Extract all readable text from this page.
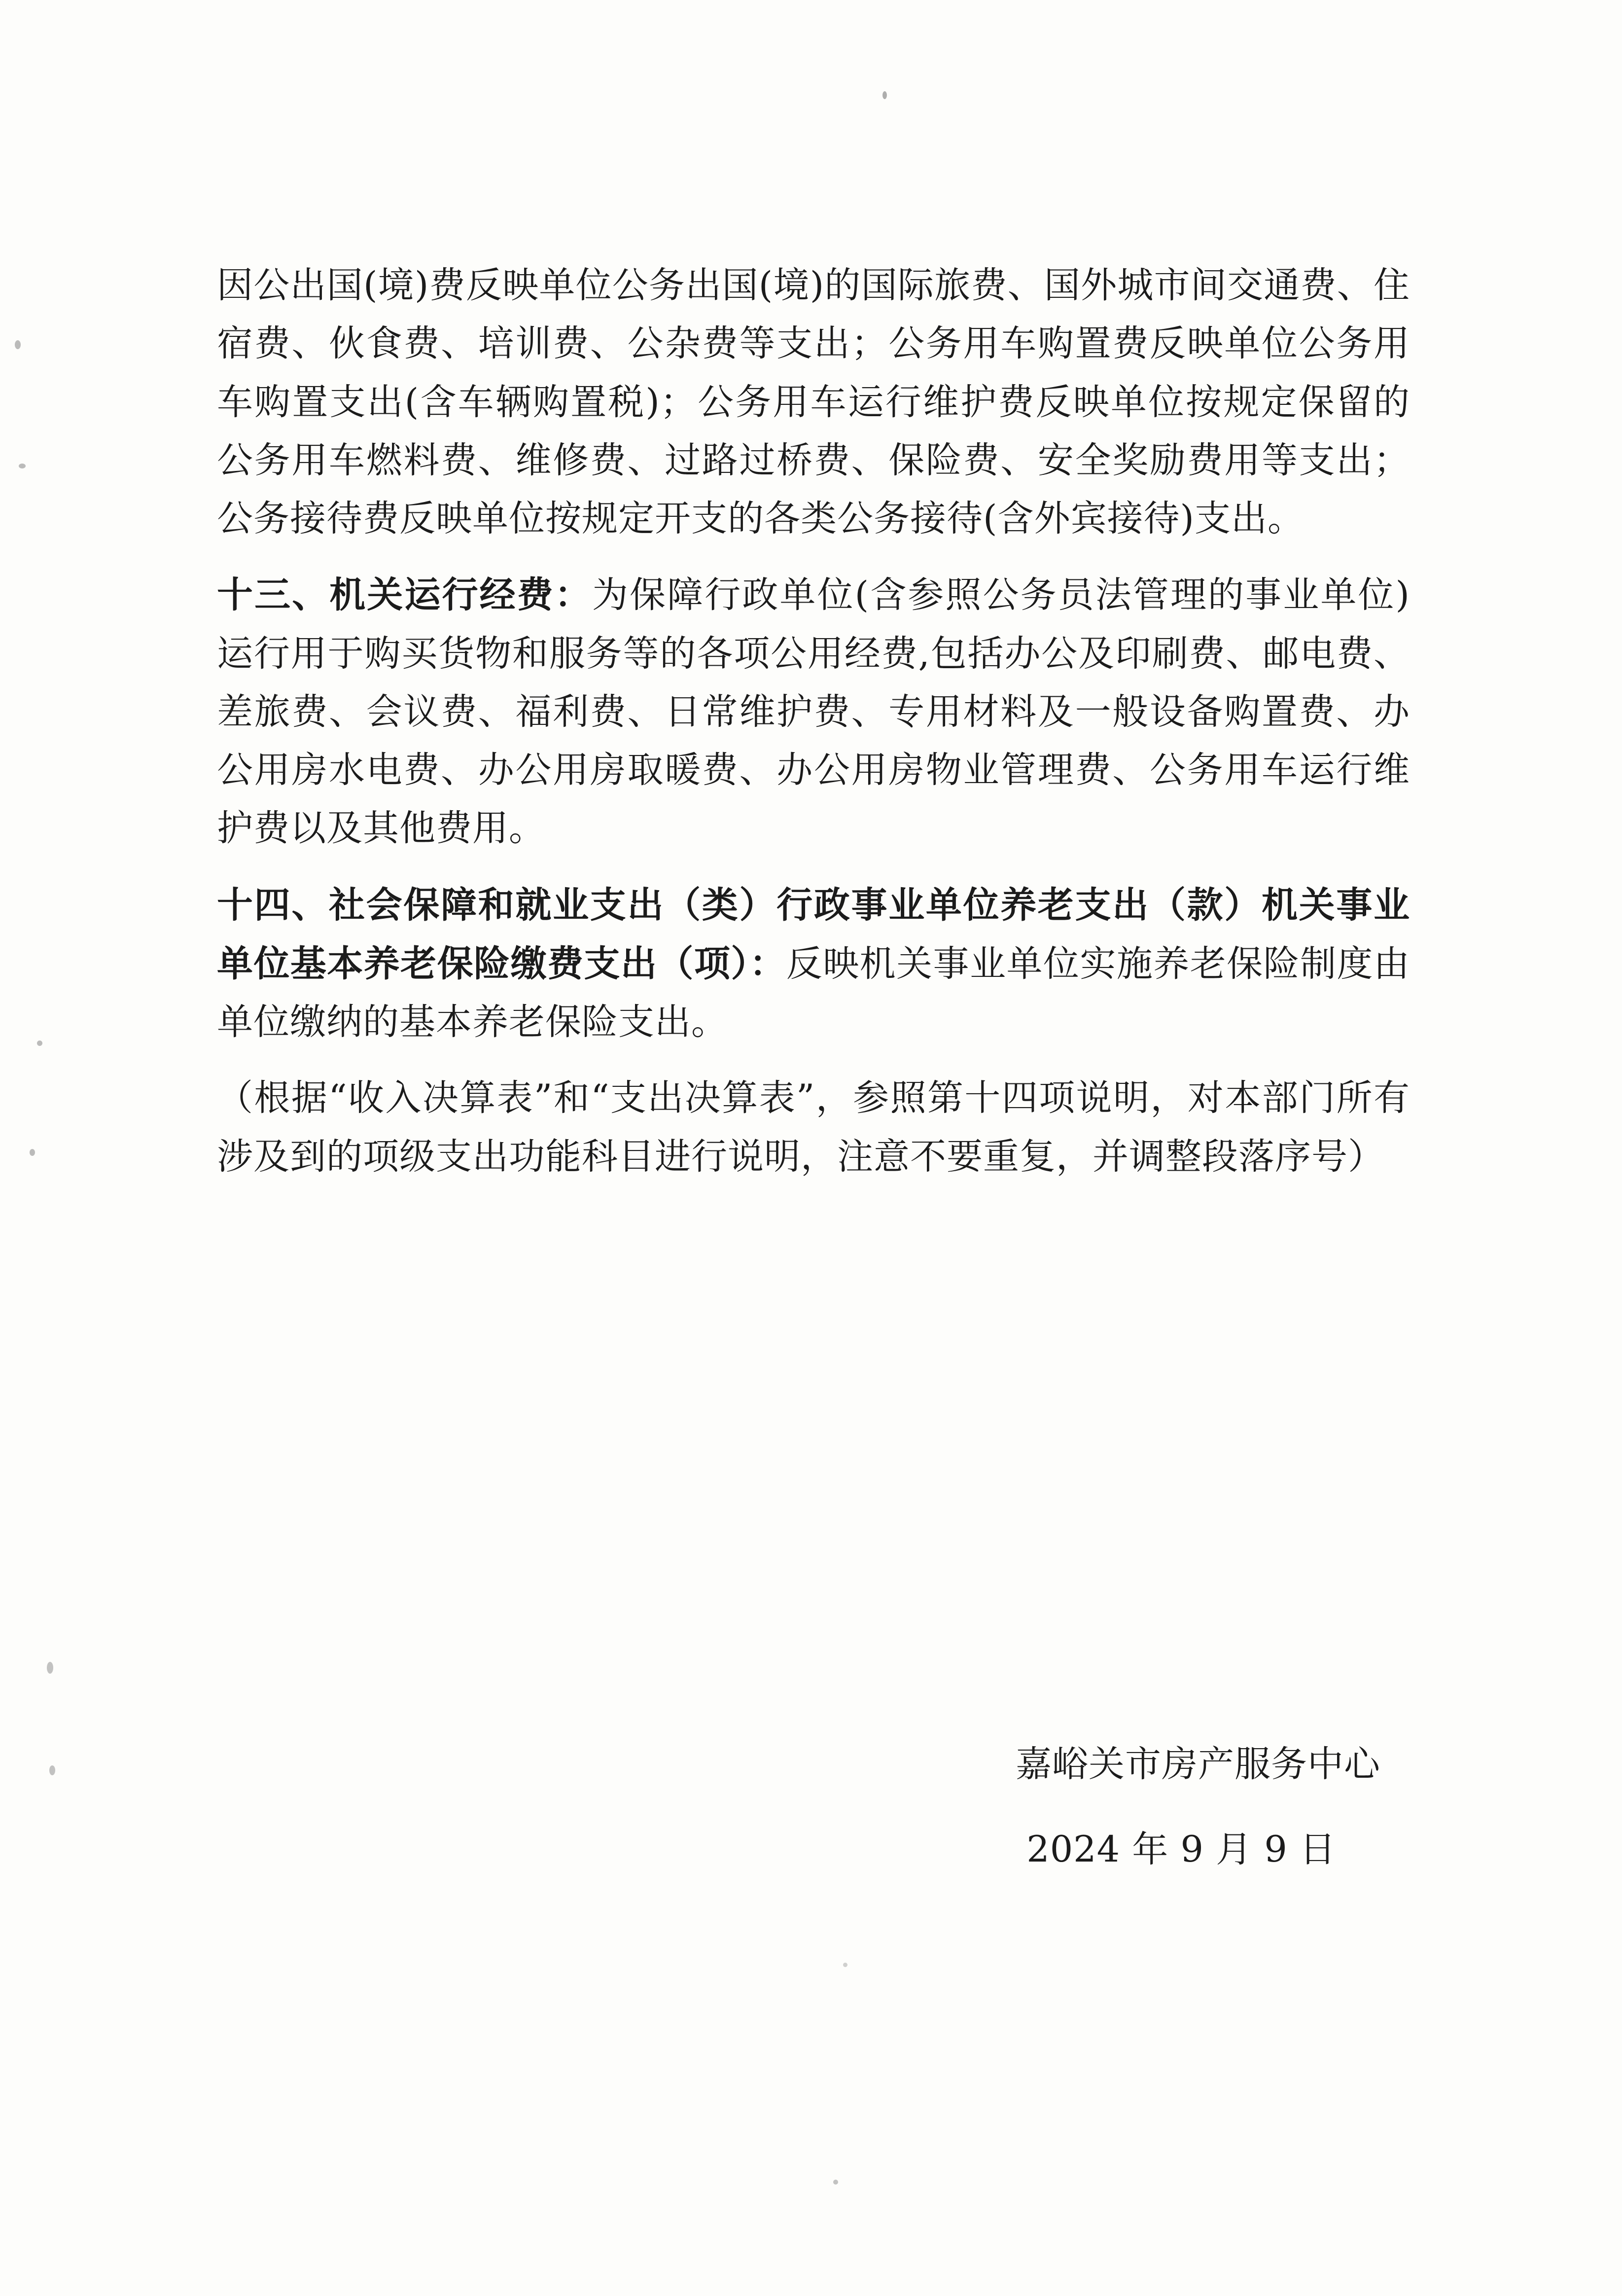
因公出国(境)费反映单位公务出国(境)的国际旅费、国外城市间交通费、住宿费、伙食费、培训费、公杂费等支出；公务用车购置费反映单位公务用车购置支出(含车辆购置税)；公务用车运行维护费反映单位按规定保留的公务用车燃料费、维修费、过路过桥费、保险费、安全奖励费用等支出；公务接待费反映单位按规定开支的各类公务接待(含外宾接待)支出。

十三、机关运行经费：为保障行政单位(含参照公务员法管理的事业单位)运行用于购买货物和服务等的各项公用经费,包括办公及印刷费、邮电费、差旅费、会议费、福利费、日常维护费、专用材料及一般设备购置费、办公用房水电费、办公用房取暖费、办公用房物业管理费、公务用车运行维护费以及其他费用。

十四、社会保障和就业支出（类）行政事业单位养老支出（款）机关事业单位基本养老保险缴费支出（项）：反映机关事业单位实施养老保险制度由单位缴纳的基本养老保险支出。

（根据“收入决算表”和“支出决算表”，参照第十四项说明，对本部门所有涉及到的项级支出功能科目进行说明，注意不要重复，并调整段落序号）

嘉峪关市房产服务中心
2024 年 9 月 9 日
